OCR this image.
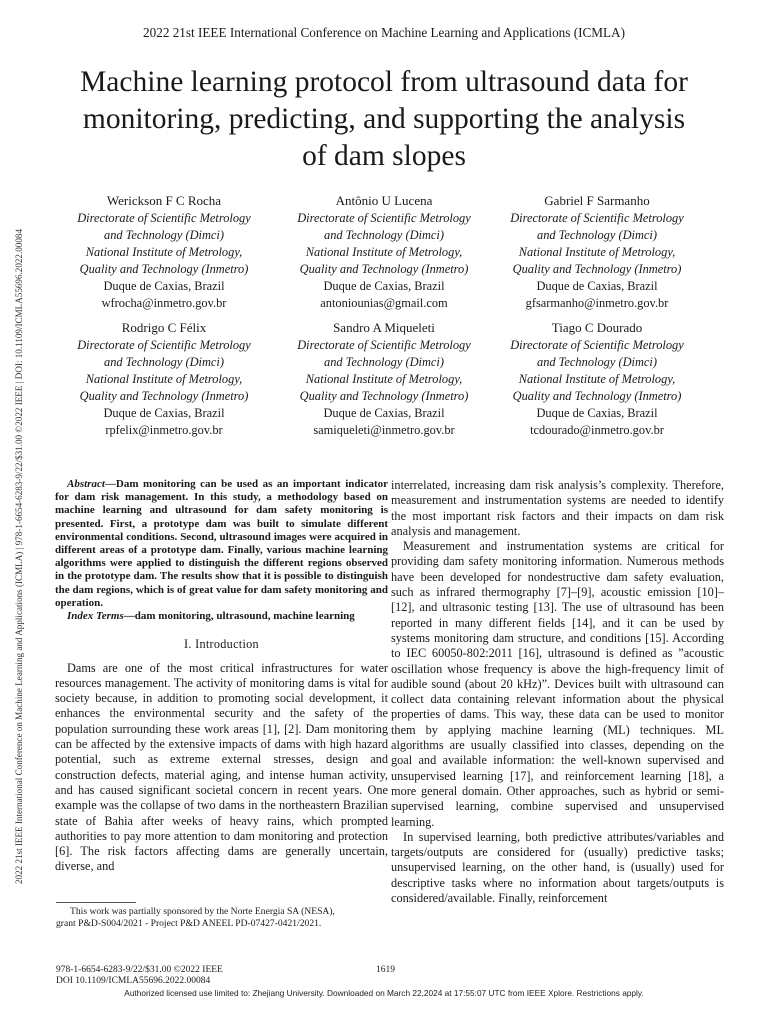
2022 21st IEEE International Conference on Machine Learning and Applications (ICMLA)
2022 21st IEEE International Conference on Machine Learning and Applications (ICMLA) | 978-1-6654-6283-9/22/$31.00 ©2022 IEEE | DOI: 10.1109/ICMLA55696.2022.00084
Machine learning protocol from ultrasound data for
monitoring, predicting, and supporting the analysis
of dam slopes
Werickson F C Rocha
Directorate of Scientific Metrology
and Technology (Dimci)
National Institute of Metrology,
Quality and Technology (Inmetro)
Duque de Caxias, Brazil
wfrocha@inmetro.gov.br
Antônio U Lucena
Directorate of Scientific Metrology
and Technology (Dimci)
National Institute of Metrology,
Quality and Technology (Inmetro)
Duque de Caxias, Brazil
antoniounias@gmail.com
Gabriel F Sarmanho
Directorate of Scientific Metrology
and Technology (Dimci)
National Institute of Metrology,
Quality and Technology (Inmetro)
Duque de Caxias, Brazil
gfsarmanho@inmetro.gov.br
Rodrigo C Félix
Directorate of Scientific Metrology
and Technology (Dimci)
National Institute of Metrology,
Quality and Technology (Inmetro)
Duque de Caxias, Brazil
rpfelix@inmetro.gov.br
Sandro A Miqueleti
Directorate of Scientific Metrology
and Technology (Dimci)
National Institute of Metrology,
Quality and Technology (Inmetro)
Duque de Caxias, Brazil
samiqueleti@inmetro.gov.br
Tiago C Dourado
Directorate of Scientific Metrology
and Technology (Dimci)
National Institute of Metrology,
Quality and Technology (Inmetro)
Duque de Caxias, Brazil
tcdourado@inmetro.gov.br

Abstract—Dam monitoring can be used as an important indicator for dam risk management. In this study, a methodology based on machine learning and ultrasound for dam safety monitoring is presented. First, a prototype dam was built to simulate different environmental conditions. Second, ultrasound images were acquired in different areas of a prototype dam. Finally, various machine learning algorithms were applied to distinguish the different regions observed in the prototype dam. The results show that it is possible to distinguish the dam regions, which is of great value for dam safety monitoring and operation.

Index Terms—dam monitoring, ultrasound, machine learning

I. Introduction

Dams are one of the most critical infrastructures for water resources management. The activity of monitoring dams is vital for society because, in addition to promoting social development, it enhances the environmental security and the safety of the population surrounding these work areas [1], [2]. Dam monitoring can be affected by the extensive impacts of dams with high hazard potential, such as extreme external stresses, design and construction defects, material aging, and intense human activity, and has caused significant societal concern in recent years. One example was the collapse of two dams in the northeastern Brazilian state of Bahia after weeks of heavy rains, which prompted authorities to pay more attention to dam monitoring and protection [6]. The risk factors affecting dams are generally uncertain, diverse, and

interrelated, increasing dam risk analysis’s complexity. Therefore, measurement and instrumentation systems are needed to identify the most important risk factors and their impacts on dam risk analysis and management.

Measurement and instrumentation systems are critical for providing dam safety monitoring information. Numerous methods have been developed for nondestructive dam safety evaluation, such as infrared thermography [7]–[9], acoustic emission [10]–[12], and ultrasonic testing [13]. The use of ultrasound has been reported in many different fields [14], and it can be used by systems monitoring dam structure, and conditions [15]. According to IEC 60050-802:2011 [16], ultrasound is defined as ”acoustic oscillation whose frequency is above the high-frequency limit of audible sound (about 20 kHz)”. Devices built with ultrasound can collect data containing relevant information about the physical properties of dams. This way, these data can be used to monitor them by applying machine learning (ML) techniques. ML algorithms are usually classified into classes, depending on the goal and available information: the well-known supervised and unsupervised learning [17], and reinforcement learning [18], a more general domain. Other approaches, such as hybrid or semi-supervised learning, combine supervised and unsupervised learning.

In supervised learning, both predictive attributes/variables and targets/outputs are considered for (usually) predictive tasks; unsupervised learning, on the other hand, is (usually) used for descriptive tasks where no information about targets/outputs is considered/available. Finally, reinforcement

This work was partially sponsored by the Norte Energia SA (NESA), grant P&D-S004/2021 - Project P&D ANEEL PD-07427-0421/2021.
978-1-6654-6283-9/22/$31.00 ©2022 IEEE
DOI 10.1109/ICMLA55696.2022.00084
1619
Authorized licensed use limited to: Zhejiang University. Downloaded on March 22,2024 at 17:55:07 UTC from IEEE Xplore. Restrictions apply.
